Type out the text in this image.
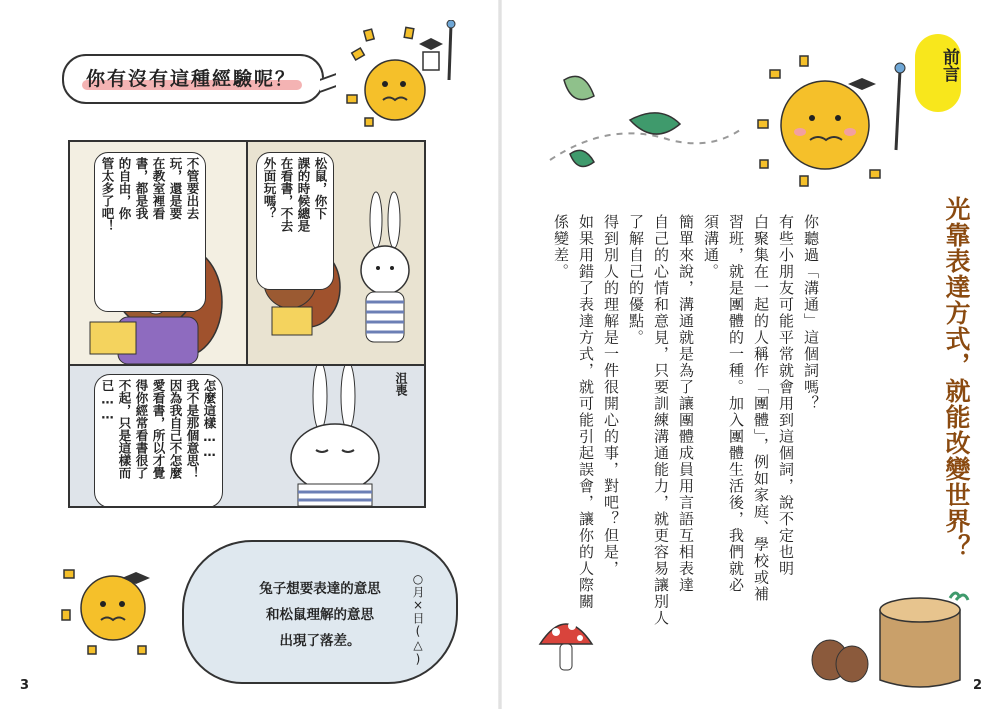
你有沒有這種經驗呢？
不管要出去
玩，還是要
在教室裡看
書，都是我
的自由，你
管太多了吧！	松鼠，你下
課的時候總是
在看書，不去
外面玩嗎？
怎麼這樣……
我不是那個意思！
因為我自己不怎麼
愛看書，所以才覺
得你經常看書很了
不起，只是這樣而
已……	沮喪
兔子想要表達的意思
和松鼠理解的意思
出現了落差。	○月×日(△)
3
前言
光靠表達方式，就能改變世界？
你聽過「溝通」這個詞嗎？
有些小朋友可能平常就會用到這個詞，說不定也明
白聚集在一起的人稱作「團體」，例如家庭、學校或補
習班，就是團體的一種。加入團體生活後，我們就必
須溝通。
簡單來說，溝通就是為了讓團體成員用言語互相表達
自己的心情和意見，只要訓練溝通能力，就更容易讓別人
了解自己的優點。
得到別人的理解是一件很開心的事，對吧？但是，
如果用錯了表達方式，就可能引起誤會，讓你的人際關
係變差。
2
